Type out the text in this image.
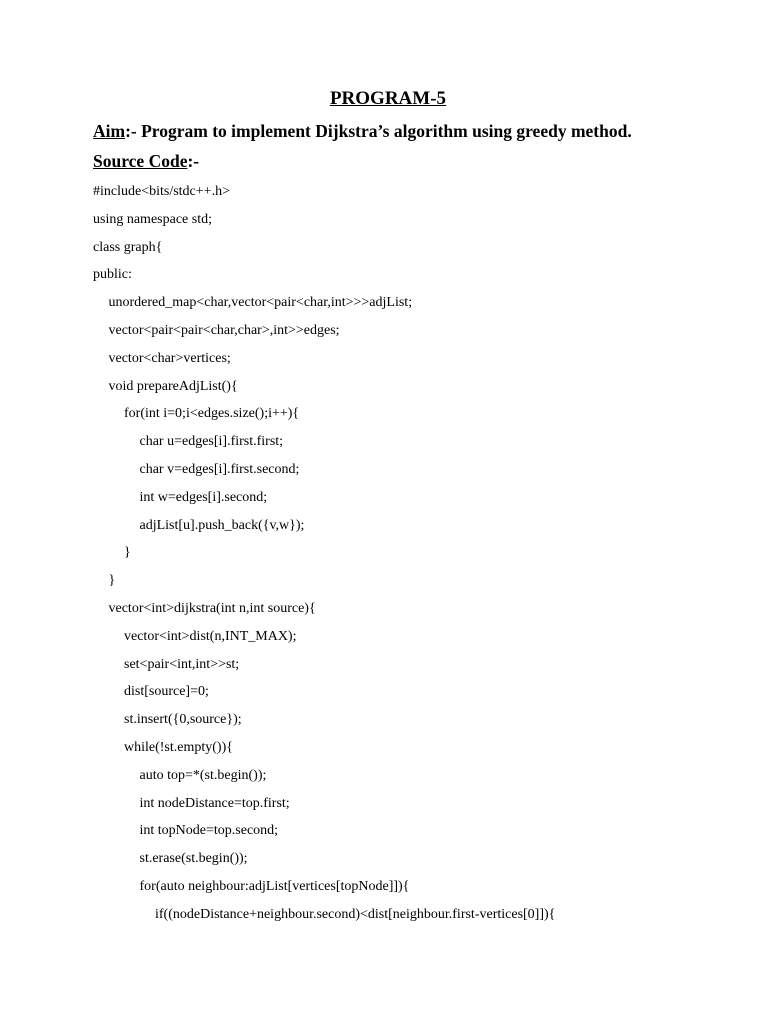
PROGRAM-5

Aim:- Program to implement Dijkstra’s algorithm using greedy method.

Source Code:-

#include<bits/stdc++.h>
using namespace std;
class graph{
public:
unordered_map<char,vector<pair<char,int>>>adjList;
vector<pair<pair<char,char>,int>>edges;
vector<char>vertices;
void prepareAdjList(){
for(int i=0;i<edges.size();i++){
char u=edges[i].first.first;
char v=edges[i].first.second;
int w=edges[i].second;
adjList[u].push_back({v,w});
}
}
vector<int>dijkstra(int n,int source){
vector<int>dist(n,INT_MAX);
set<pair<int,int>>st;
dist[source]=0;
st.insert({0,source});
while(!st.empty()){
auto top=*(st.begin());
int nodeDistance=top.first;
int topNode=top.second;
st.erase(st.begin());
for(auto neighbour:adjList[vertices[topNode]]){
if((nodeDistance+neighbour.second)<dist[neighbour.first-vertices[0]]){
